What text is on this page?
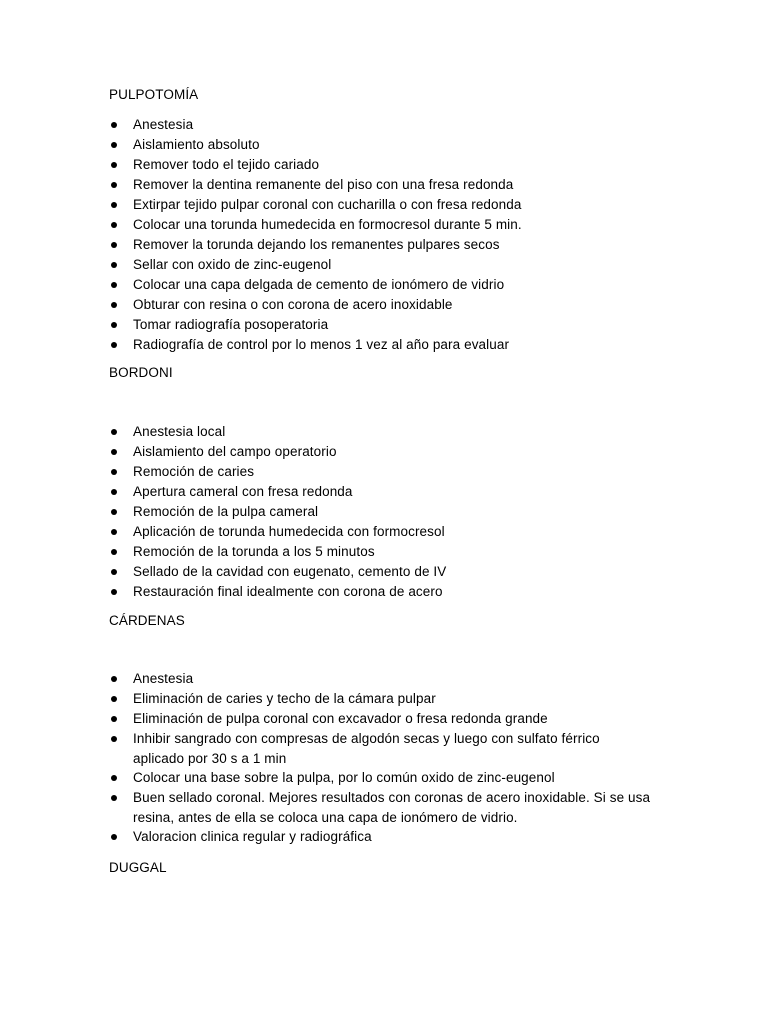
PULPOTOMÍA
Anestesia
Aislamiento absoluto
Remover todo el tejido cariado
Remover la dentina remanente del piso con una fresa redonda
Extirpar tejido pulpar coronal con cucharilla o con fresa redonda
Colocar una torunda humedecida en formocresol durante 5 min.
Remover la torunda dejando los remanentes pulpares secos
Sellar con oxido de zinc-eugenol
Colocar una capa delgada de cemento de ionómero de vidrio
Obturar con resina o con corona de acero inoxidable
Tomar radiografía posoperatoria
Radiografía de control por lo menos 1 vez al año para evaluar
BORDONI
Anestesia local
Aislamiento del campo operatorio
Remoción de caries
Apertura cameral con fresa redonda
Remoción de la pulpa cameral
Aplicación de torunda humedecida con formocresol
Remoción de la torunda a los 5 minutos
Sellado de la cavidad con eugenato, cemento de IV
Restauración final idealmente con corona de acero
CÁRDENAS
Anestesia
Eliminación de caries y techo de la cámara pulpar
Eliminación de pulpa coronal con excavador o fresa redonda grande
Inhibir sangrado con compresas de algodón secas y luego con sulfato férrico aplicado por 30 s a 1 min
Colocar una base sobre la pulpa, por lo común oxido de zinc-eugenol
Buen sellado coronal. Mejores resultados con coronas de acero inoxidable. Si se usa resina, antes de ella se coloca una capa de ionómero de vidrio.
Valoracion clinica regular y radiográfica
DUGGAL
